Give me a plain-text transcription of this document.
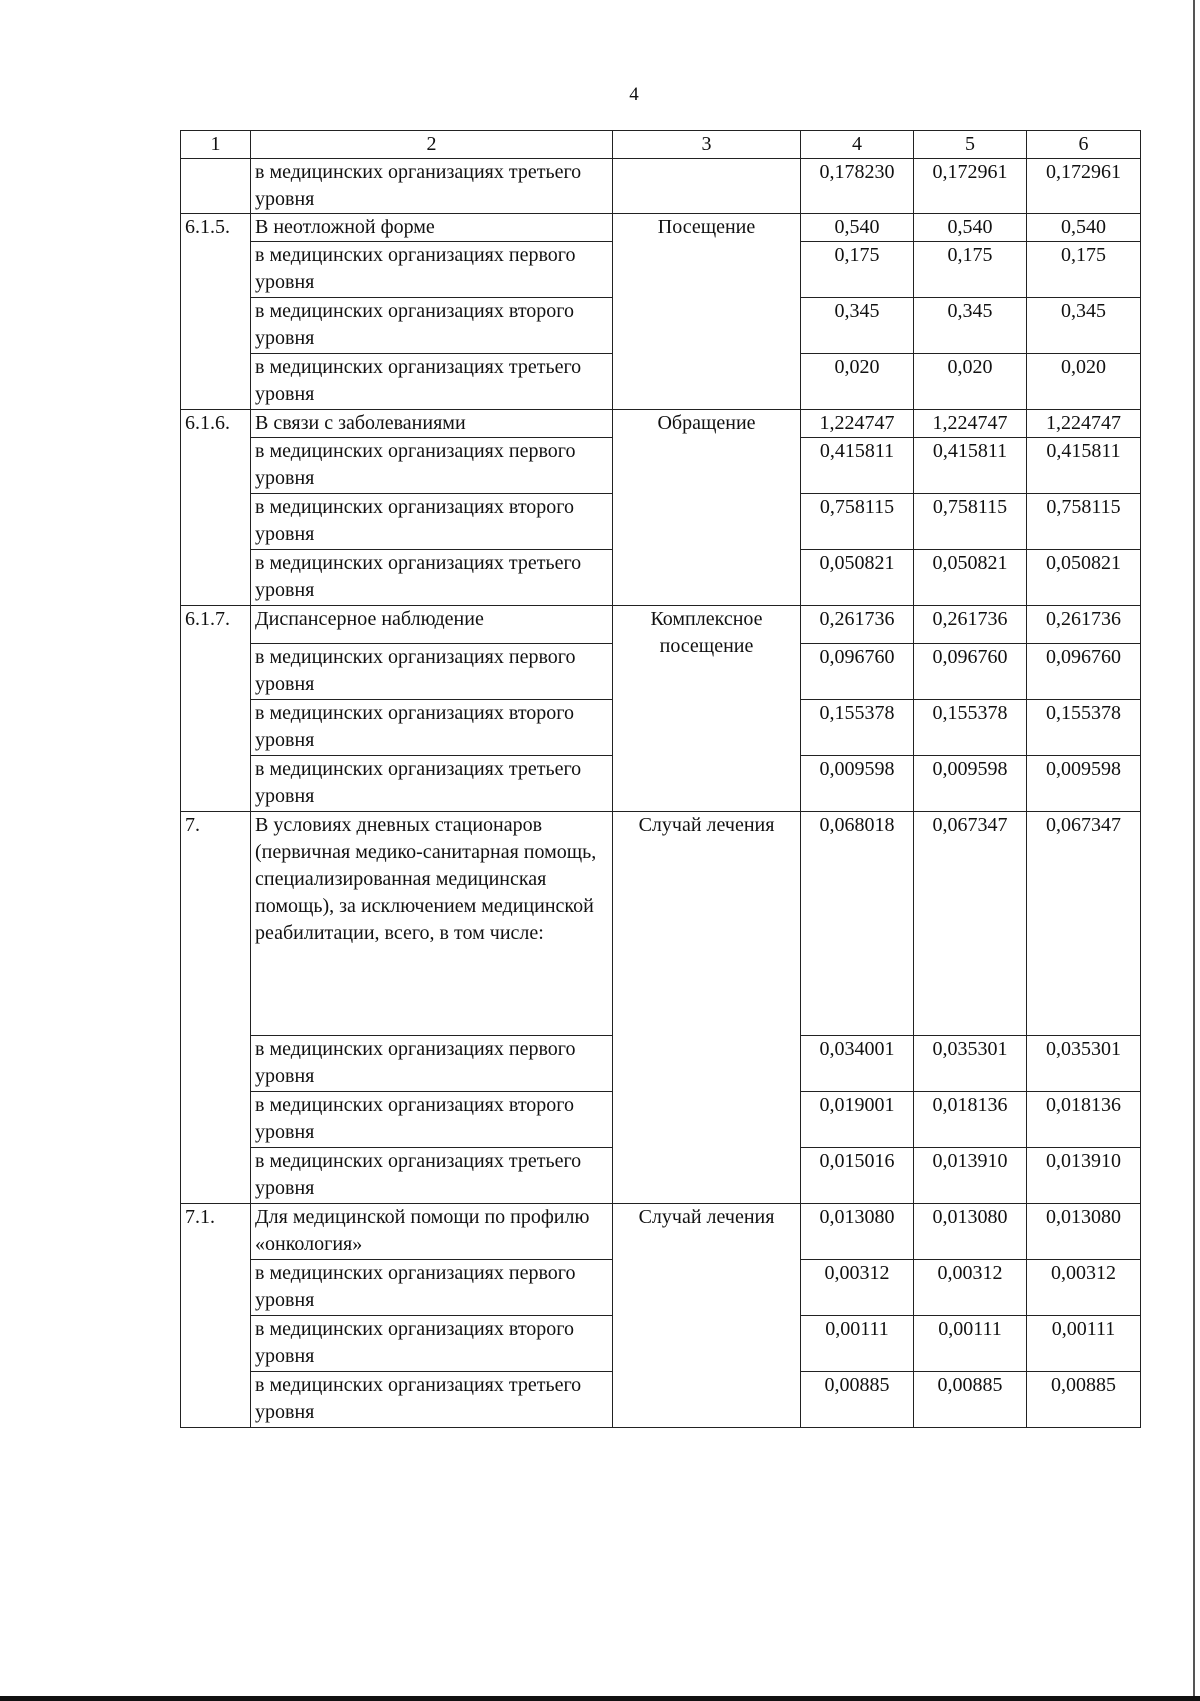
4
1	2	3	4	5	6
	в медицинских организациях третьего уровня		0,178230	0,172961	0,172961
6.1.5.	В неотложной форме	Посещение	0,540	0,540	0,540
	в медицинских организациях первого уровня		0,175	0,175	0,175
	в медицинских организациях второго уровня		0,345	0,345	0,345
	в медицинских организациях третьего уровня		0,020	0,020	0,020
6.1.6.	В связи с заболеваниями	Обращение	1,224747	1,224747	1,224747
	в медицинских организациях первого уровня		0,415811	0,415811	0,415811
	в медицинских организациях второго уровня		0,758115	0,758115	0,758115
	в медицинских организациях третьего уровня		0,050821	0,050821	0,050821
6.1.7.	Диспансерное наблюдение	Комплексное посещение	0,261736	0,261736	0,261736
	в медицинских организациях первого уровня		0,096760	0,096760	0,096760
	в медицинских организациях второго уровня		0,155378	0,155378	0,155378
	в медицинских организациях третьего уровня		0,009598	0,009598	0,009598
7.	В условиях дневных стационаров (первичная медико-санитарная помощь, специализированная медицинская помощь), за исключением медицинской реабилитации, всего, в том числе:	Случай лечения	0,068018	0,067347	0,067347
	в медицинских организациях первого уровня		0,034001	0,035301	0,035301
	в медицинских организациях второго уровня		0,019001	0,018136	0,018136
	в медицинских организациях третьего уровня		0,015016	0,013910	0,013910
7.1.	Для медицинской помощи по профилю «онкология»	Случай лечения	0,013080	0,013080	0,013080
	в медицинских организациях первого уровня		0,00312	0,00312	0,00312
	в медицинских организациях второго уровня		0,00111	0,00111	0,00111
	в медицинских организациях третьего уровня		0,00885	0,00885	0,00885
